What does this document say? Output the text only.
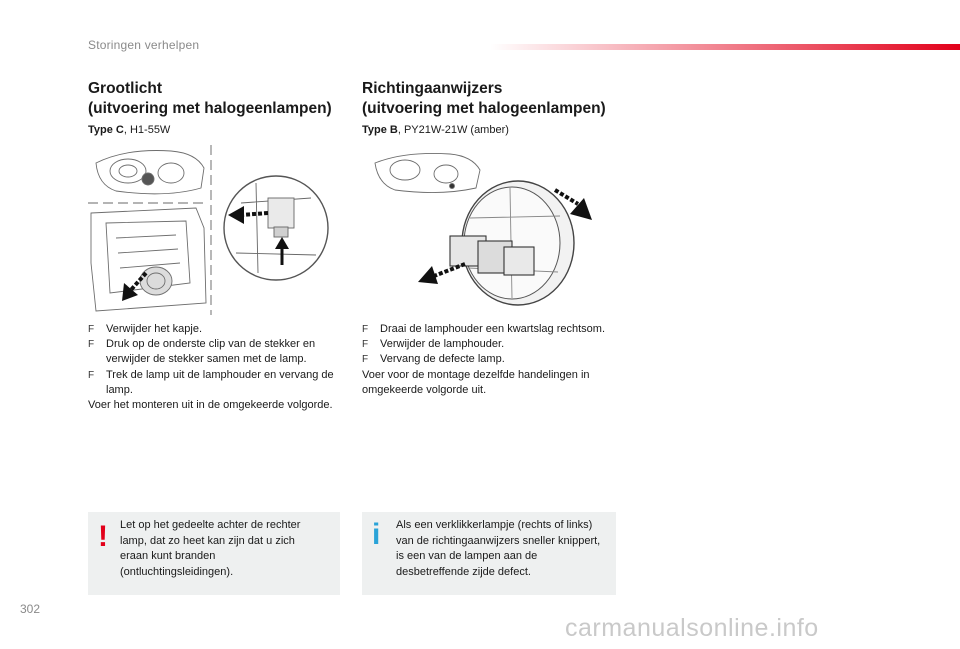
Storingen verhelpen
Grootlicht
(uitvoering met halogeenlampen)
Type C, H1-55W
F	Verwijder het kapje.
F	Druk op de onderste clip van de stekker en verwijder de stekker samen met de lamp.
F	Trek de lamp uit de lamphouder en vervang de lamp.
Voer het monteren uit in de omgekeerde volgorde.
! Let op het gedeelte achter de rechter lamp, dat zo heet kan zijn dat u zich eraan kunt branden (ontluchtingsleidingen).
Richtingaanwijzers
(uitvoering met halogeenlampen)
Type B, PY21W-21W (amber)
F	Draai de lamphouder een kwartslag rechtsom.
F	Verwijder de lamphouder.
F	Vervang de defecte lamp.
Voer voor de montage dezelfde handelingen in omgekeerde volgorde uit.
i Als een verklikkerlampje (rechts of links) van de richtingaanwijzers sneller knippert, is een van de lampen aan de desbetreffende zijde defect.
302
carmanualsonline.info
